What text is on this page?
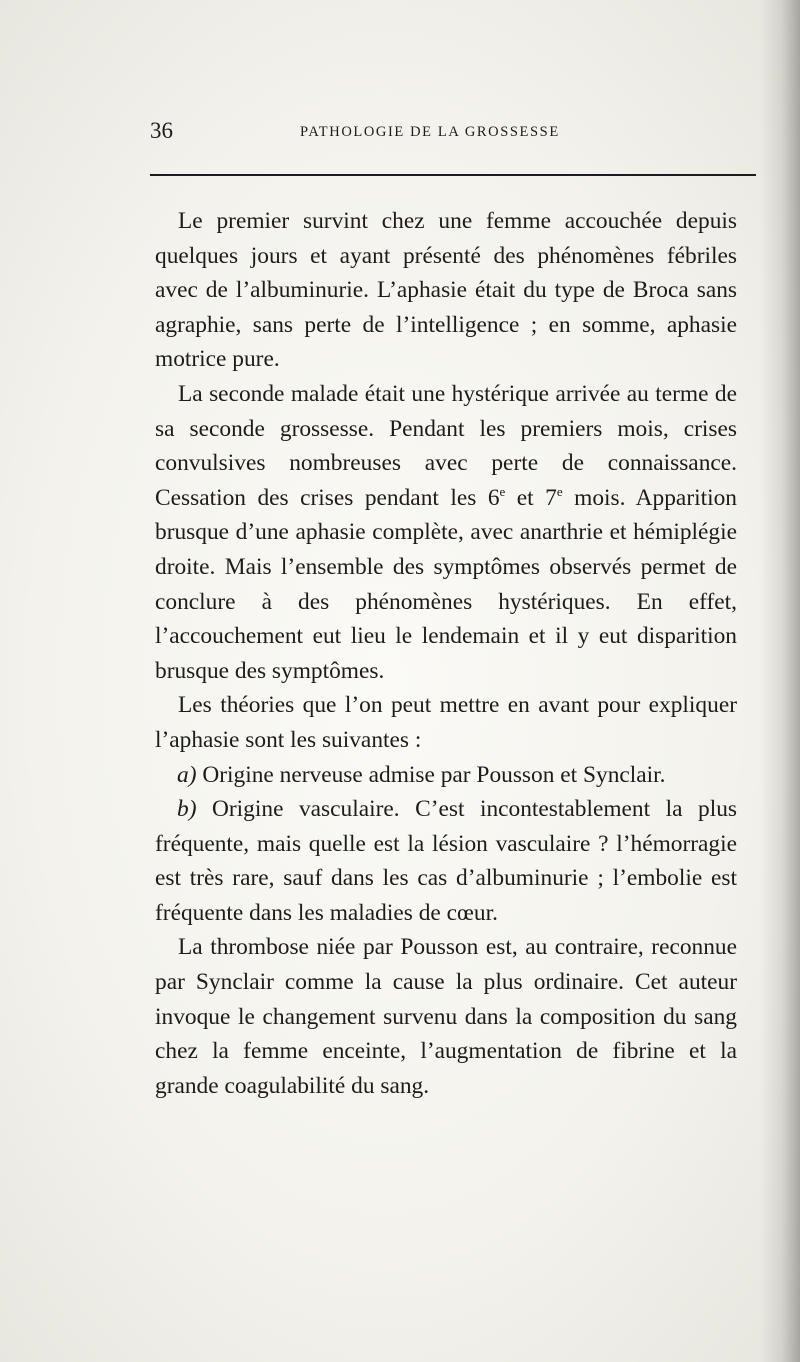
36	PATHOLOGIE DE LA GROSSESSE

Le premier survint chez une femme accouchée depuis quelques jours et ayant présenté des phénomènes fébriles avec de l’albuminurie. L’aphasie était du type de Broca sans agraphie, sans perte de l’intelligence ; en somme, aphasie motrice pure.

La seconde malade était une hystérique arrivée au terme de sa seconde grossesse. Pendant les premiers mois, crises convulsives nombreuses avec perte de connaissance. Cessation des crises pendant les 6e et 7e mois. Apparition brusque d’une aphasie complète, avec anarthrie et hémiplégie droite. Mais l’ensemble des symptômes observés permet de conclure à des phénomènes hystériques. En effet, l’accouchement eut lieu le lendemain et il y eut disparition brusque des symptômes.

Les théories que l’on peut mettre en avant pour expliquer l’aphasie sont les suivantes :

a) Origine nerveuse admise par Pousson et Synclair.

b) Origine vasculaire. C’est incontestablement la plus fréquente, mais quelle est la lésion vasculaire ? l’hémorragie est très rare, sauf dans les cas d’albuminurie ; l’embolie est fréquente dans les maladies de cœur.

La thrombose niée par Pousson est, au contraire, reconnue par Synclair comme la cause la plus ordinaire. Cet auteur invoque le changement survenu dans la composition du sang chez la femme enceinte, l’augmentation de fibrine et la grande coagulabilité du sang.
